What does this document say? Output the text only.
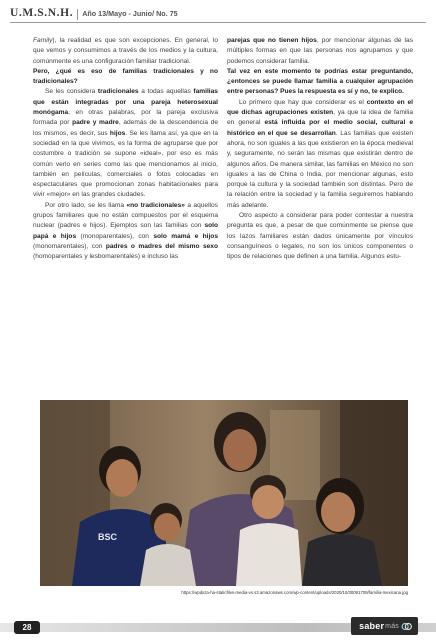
U.M.S.N.H. Año 13/Mayo - Junio/ No. 75

Family), la realidad es que son excepciones. En general, lo que vemos y consumimos a través de los medios y la cultura, comúnmente es una configuración familiar tradicional.

Pero, ¿qué es eso de familias tradicionales y no tradicionales?

Se les considera tradicionales a todas aquellas familias que están integradas por una pareja heterosexual monógama, en otras palabras, por la pareja exclusiva formada por padre y madre, además de la descendencia de los mismos, es decir, sus hijos. Se les llama así, ya que en la sociedad en la que vivimos, es la forma de agruparse que por costumbre o tradición se supone «ideal», por eso es más común verlo en series como las que mencionamos al inicio, también en películas, comerciales o fotos colocadas en espectaculares que promocionan zonas habitacionales para vivir «mejor» en las grandes ciudades.

Por otro lado, se les llama «no tradicionales» a aquellos grupos familiares que no están compuestos por el esquema nuclear (padres e hijos). Ejemplos son las familias con solo papá e hijos (monoparentales), con solo mamá e hijos (monomarentales), con padres o madres del mismo sexo (homoparentales y lesbomarentales) e incluso las

parejas que no tienen hijos, por mencionar algunas de las múltiples formas en que las personas nos agrupamos y que podemos considerar familia.

Tal vez en este momento te podrías estar preguntando, ¿entonces se puede llamar familia a cualquier agrupación entre personas? Pues la respuesta es sí y no, te explico.

Lo primero que hay que considerar es el contexto en el que dichas agrupaciones existen, ya que la idea de familia en general está influida por el medio social, cultural e histórico en el que se desarrollan. Las familias que existen ahora, no son iguales a las que existieron en la época medieval y, seguramente, no serán las mismas que existirán dentro de algunos años. De manera similar, las familias en México no son iguales a las de China o India, por mencionar algunas, esto porque la cultura y la sociedad también son distintas. Pero de la relación entre la sociedad y la familia seguiremos hablando más adelante.

Otro aspecto a considerar para poder contestar a nuestra pregunta es que, a pesar de que comúnmente se piense que los lazos familiares están dados únicamente por vínculos consanguíneos o legales, no son los únicos componentes o tipos de relaciones que definen a una familia. Algunos estu-

BSC
https://wpdicta-ha-staticfiles-media-vs.s3.amazonaws.com/wp-content/uploads/2020/10/30091709/familia-mexicana.jpg
28	saber más
